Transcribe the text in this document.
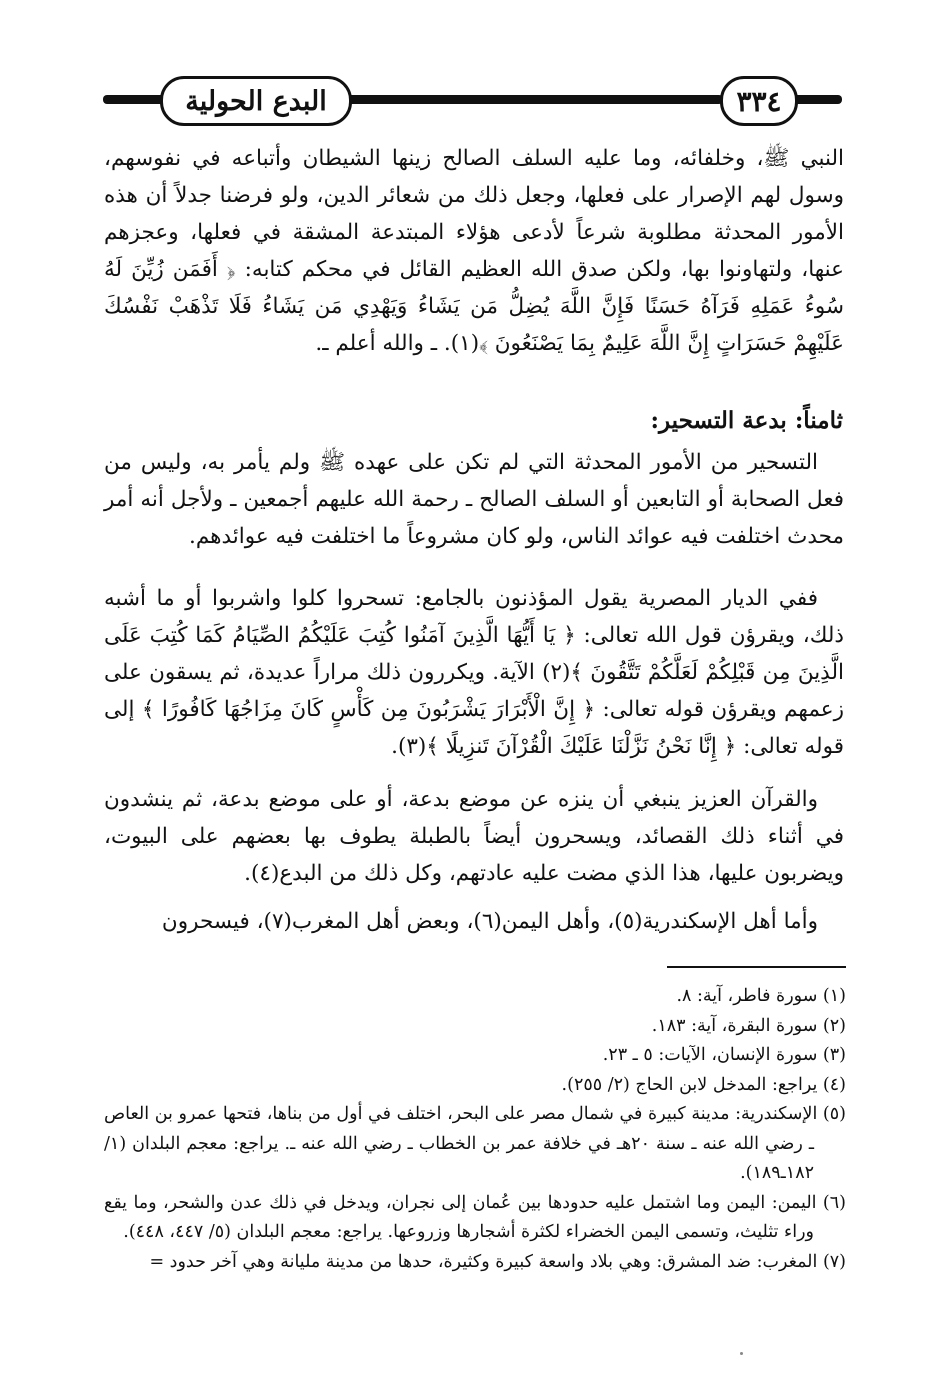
٣٣٤
البدع الحولية

النبي ﷺ، وخلفائه، وما عليه السلف الصالح زينها الشيطان وأتباعه في نفوسهم، وسول لهم الإصرار على فعلها، وجعل ذلك من شعائر الدين، ولو فرضنا جدلاً أن هذه الأمور المحدثة مطلوبة شرعاً لأدعى هؤلاء المبتدعة المشقة في فعلها، وعجزهم عنها، ولتهاونوا بها، ولكن صدق الله العظيم القائل في محكم كتابه: ﴿ أَفَمَن زُيِّنَ لَهُ سُوءُ عَمَلِهِ فَرَآهُ حَسَنًا فَإِنَّ اللَّهَ يُضِلُّ مَن يَشَاءُ وَيَهْدِي مَن يَشَاءُ فَلَا تَذْهَبْ نَفْسُكَ عَلَيْهِمْ حَسَرَاتٍ إِنَّ اللَّهَ عَلِيمٌ بِمَا يَصْنَعُونَ ﴾(١). ـ والله أعلم ـ.

ثامناً: بدعة التسحير:

التسحير من الأمور المحدثة التي لم تكن على عهده ﷺ ولم يأمر به، وليس من فعل الصحابة أو التابعين أو السلف الصالح ـ رحمة الله عليهم أجمعين ـ ولأجل أنه أمر محدث اختلفت فيه عوائد الناس، ولو كان مشروعاً ما اختلفت فيه عوائدهم.

ففي الديار المصرية يقول المؤذنون بالجامع: تسحروا كلوا واشربوا أو ما أشبه ذلك، ويقرؤن قول الله تعالى: ﴿ يَا أَيُّهَا الَّذِينَ آمَنُوا كُتِبَ عَلَيْكُمُ الصِّيَامُ كَمَا كُتِبَ عَلَى الَّذِينَ مِن قَبْلِكُمْ لَعَلَّكُمْ تَتَّقُونَ ﴾(٢) الآية. ويكررون ذلك مراراً عديدة، ثم يسقون على زعمهم ويقرؤن قوله تعالى: ﴿ إِنَّ الْأَبْرَارَ يَشْرَبُونَ مِن كَأْسٍ كَانَ مِزَاجُهَا كَافُورًا ﴾ إلى قوله تعالى: ﴿ إِنَّا نَحْنُ نَزَّلْنَا عَلَيْكَ الْقُرْآنَ تَنزِيلًا ﴾(٣).

والقرآن العزيز ينبغي أن ينزه عن موضع بدعة، أو على موضع بدعة، ثم ينشدون في أثناء ذلك القصائد، ويسحرون أيضاً بالطبلة يطوف بها بعضهم على البيوت، ويضربون عليها، هذا الذي مضت عليه عادتهم، وكل ذلك من البدع(٤).

وأما أهل الإسكندرية(٥)، وأهل اليمن(٦)، وبعض أهل المغرب(٧)، فيسحرون

(١) سورة فاطر، آية: ٨.
(٢) سورة البقرة، آية: ١٨٣.
(٣) سورة الإنسان، الآيات: ٥ ـ ٢٣.
(٤) يراجع: المدخل لابن الحاج (٢/ ٢٥٥).
(٥) الإسكندرية: مدينة كبيرة في شمال مصر على البحر، اختلف في أول من بناها، فتحها عمرو بن العاص ـ رضي الله عنه ـ سنة ٢٠هـ في خلافة عمر بن الخطاب ـ رضي الله عنه ـ. يراجع: معجم البلدان (١/ ١٨٢ـ١٨٩).
(٦) اليمن: اليمن وما اشتمل عليه حدودها بين عُمان إلى نجران، ويدخل في ذلك عدن والشحر، وما يقع وراء تثليث، وتسمى اليمن الخضراء لكثرة أشجارها وزروعها. يراجع: معجم البلدان (٥/ ٤٤٧، ٤٤٨).
(٧) المغرب: ضد المشرق: وهي بلاد واسعة كبيرة وكثيرة، حدها من مدينة مليانة وهي آخر حدود =
